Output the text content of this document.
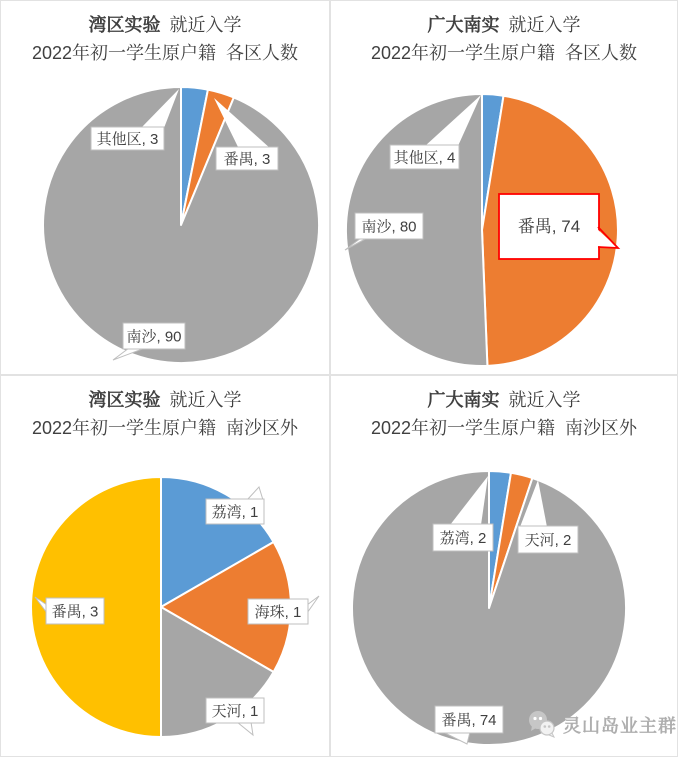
湾区实验 就近入学
2022年初一学生原户籍  各区人数
其他区, 3
番禺, 3
南沙, 90
广大南实 就近入学
2022年初一学生原户籍  各区人数
其他区, 4
南沙, 80	番禺, 74
湾区实验 就近入学
2022年初一学生原户籍  南沙区外
荔湾, 1
海珠, 1
番禺, 3
天河, 1
广大南实 就近入学
2022年初一学生原户籍  南沙区外
荔湾, 2	天河, 2
番禺, 74	灵山岛业主群
